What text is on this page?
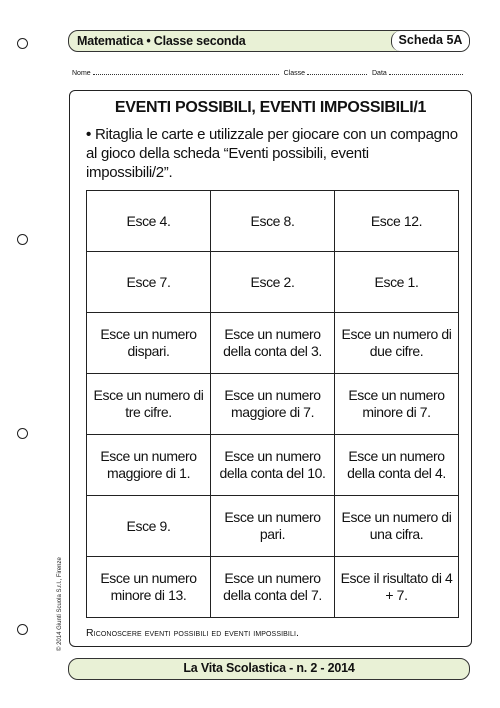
Matematica • Classe seconda	Scheda 5A
Nome	Classe	Data
EVENTI POSSIBILI, EVENTI IMPOSSIBILI/1
• Ritaglia le carte e utilizzale per giocare con un compagno al gioco della scheda “Eventi possibili, eventi impossibili/2”.
Esce 4.	Esce 8.	Esce 12.
Esce 7.	Esce 2.	Esce 1.
Esce un numero dispari.	Esce un numero della conta del 3.	Esce un numero di due cifre.
Esce un numero di tre cifre.	Esce un numero maggiore di 7.	Esce un numero minore di 7.
Esce un numero maggiore di 1.	Esce un numero della conta del 10.	Esce un numero della conta del 4.
Esce 9.	Esce un numero pari.	Esce un numero di una cifra.
Esce un numero minore di 13.	Esce un numero della conta del 7.	Esce il risultato di 4 + 7.
Riconoscere eventi possibili ed eventi impossibili.
© 2014 Giunti Scuola S.r.l., Firenze
La Vita Scolastica - n. 2 - 2014
